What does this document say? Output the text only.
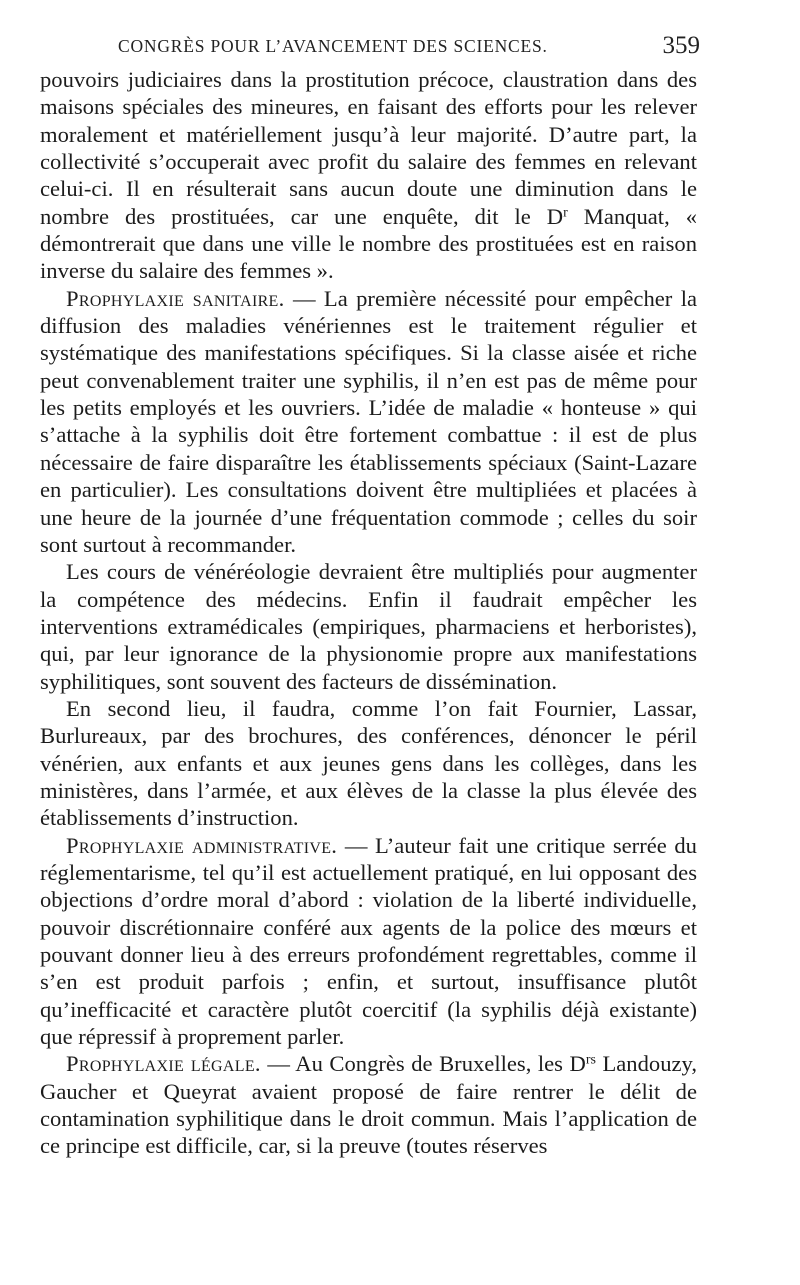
CONGRÈS POUR L’AVANCEMENT DES SCIENCES.	359

pouvoirs judiciaires dans la prostitution précoce, claustration dans des maisons spéciales des mineures, en faisant des efforts pour les relever moralement et matériellement jusqu’à leur majorité. D’autre part, la collectivité s’occuperait avec profit du salaire des femmes en relevant celui-ci. Il en résulterait sans aucun doute une diminution dans le nombre des prostituées, car une enquête, dit le $D^r$ Manquat, « démontrerait que dans une ville le nombre des prostituées est en raison inverse du salaire des femmes ».

Prophylaxie sanitaire. — La première nécessité pour empêcher la diffusion des maladies vénériennes est le traitement régulier et systématique des manifestations spécifiques. Si la classe aisée et riche peut convenablement traiter une syphilis, il n’en est pas de même pour les petits employés et les ouvriers. L’idée de maladie « honteuse » qui s’attache à la syphilis doit être fortement combattue : il est de plus nécessaire de faire disparaître les établissements spéciaux (Saint-Lazare en particulier). Les consultations doivent être multipliées et placées à une heure de la journée d’une fréquentation commode ; celles du soir sont surtout à recommander.

Les cours de vénéréologie devraient être multipliés pour augmenter la compétence des médecins. Enfin il faudrait empêcher les interventions extramédicales (empiriques, pharmaciens et herboristes), qui, par leur ignorance de la physionomie propre aux manifestations syphilitiques, sont souvent des facteurs de dissémination.

En second lieu, il faudra, comme l’on fait Fournier, Lassar, Burlureaux, par des brochures, des conférences, dénoncer le péril vénérien, aux enfants et aux jeunes gens dans les collèges, dans les ministères, dans l’armée, et aux élèves de la classe la plus élevée des établissements d’instruction.

Prophylaxie administrative. — L’auteur fait une critique serrée du réglementarisme, tel qu’il est actuellement pratiqué, en lui opposant des objections d’ordre moral d’abord : violation de la liberté individuelle, pouvoir discrétionnaire conféré aux agents de la police des mœurs et pouvant donner lieu à des erreurs profondément regrettables, comme il s’en est produit parfois ; enfin, et surtout, insuffisance plutôt qu’inefficacité et caractère plutôt coercitif (la syphilis déjà existante) que répressif à proprement parler.

Prophylaxie légale. — Au Congrès de Bruxelles, les $D^{rs}$ Landouzy, Gaucher et Queyrat avaient proposé de faire rentrer le délit de contamination syphilitique dans le droit commun. Mais l’application de ce principe est difficile, car, si la preuve (toutes réserves
